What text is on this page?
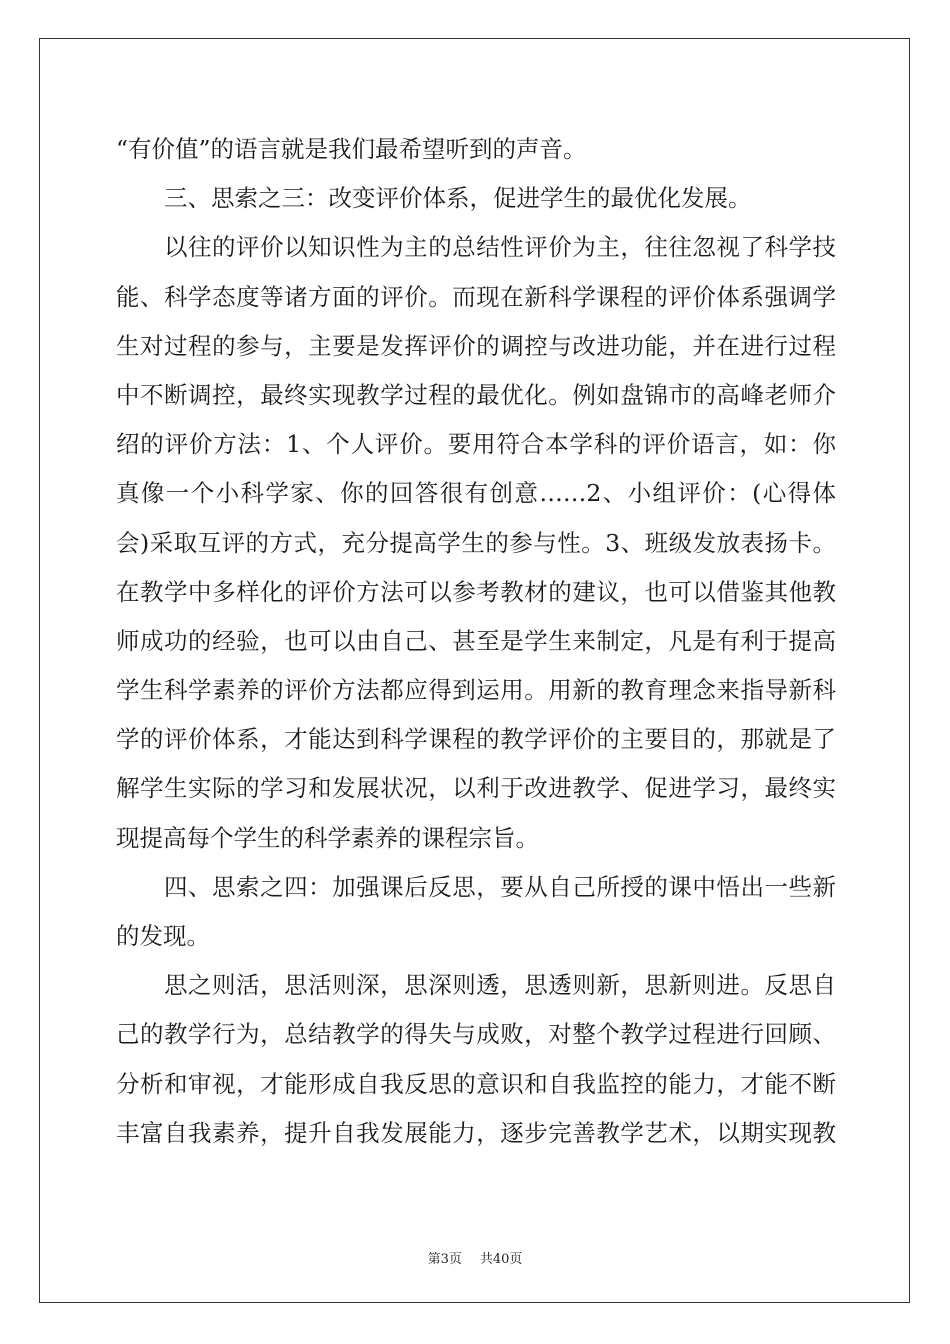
“有价值”的语言就是我们最希望听到的声音。
三、思索之三：改变评价体系，促进学生的最优化发展。
以往的评价以知识性为主的总结性评价为主，往往忽视了科学技
能、科学态度等诸方面的评价。而现在新科学课程的评价体系强调学
生对过程的参与，主要是发挥评价的调控与改进功能，并在进行过程
中不断调控，最终实现教学过程的最优化。例如盘锦市的高峰老师介
绍的评价方法：1、个人评价。要用符合本学科的评价语言，如：你
真像一个小科学家、你的回答很有创意……2、小组评价：(心得体
会)采取互评的方式，充分提高学生的参与性。3、班级发放表扬卡。
在教学中多样化的评价方法可以参考教材的建议，也可以借鉴其他教
师成功的经验，也可以由自己、甚至是学生来制定，凡是有利于提高
学生科学素养的评价方法都应得到运用。用新的教育理念来指导新科
学的评价体系，才能达到科学课程的教学评价的主要目的，那就是了
解学生实际的学习和发展状况，以利于改进教学、促进学习，最终实
现提高每个学生的科学素养的课程宗旨。
四、思索之四：加强课后反思，要从自己所授的课中悟出一些新
的发现。
思之则活，思活则深，思深则透，思透则新，思新则进。反思自
己的教学行为，总结教学的得失与成败，对整个教学过程进行回顾、
分析和审视，才能形成自我反思的意识和自我监控的能力，才能不断
丰富自我素养，提升自我发展能力，逐步完善教学艺术，以期实现教
第3页 共40页
